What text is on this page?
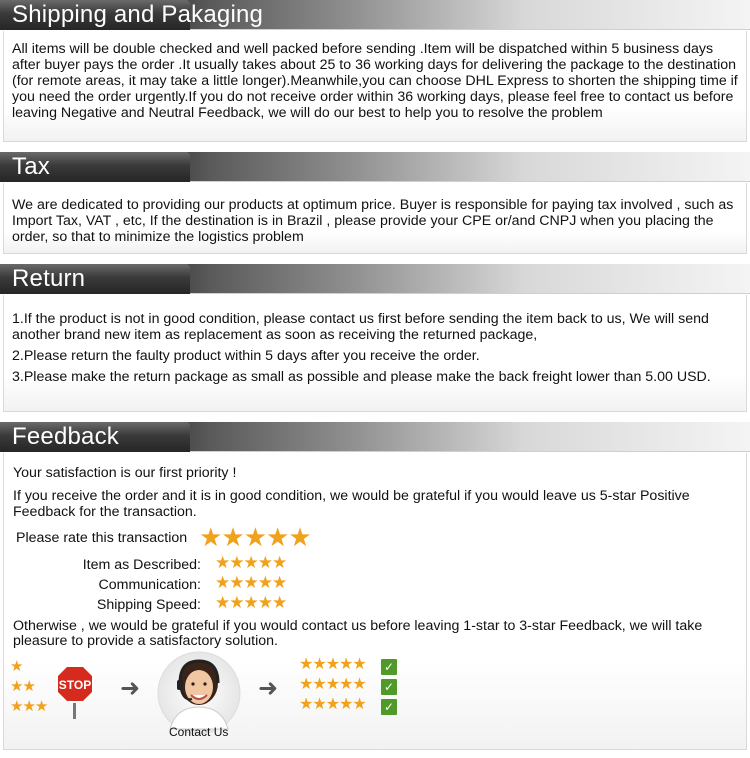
Shipping and Pakaging

All items will be double checked and well packed before sending .Item will be dispatched within 5 business days after buyer pays the order .It usually takes about 25 to 36 working days for delivering the package to the destination (for remote areas, it may take a little longer).Meanwhile,you can choose DHL Express to shorten the shipping time if you need the order urgently.If you do not receive order within 36 working days, please feel free to contact us before leaving Negative and Neutral Feedback, we will do our best to help you to resolve the problem

Tax

We are dedicated to providing our products at optimum price. Buyer is responsible for paying tax involved , such as Import Tax, VAT , etc, If the destination is in Brazil , please provide your CPE or/and CNPJ when you placing the order, so that to minimize the logistics problem

Return

1.If the product is not in good condition, please contact us first before sending the item back to us, We will send another brand new item as replacement as soon as receiving the returned package,

2.Please return the faulty product within 5 days after you receive the order.

3.Please make the return package as small as possible and please make the back freight lower than 5.00 USD.

Feedback

Your satisfaction is our first priority !

If you receive the order and it is in good condition, we would be grateful if you would leave us 5-star Positive Feedback for the transaction.

Please rate this transaction ★★★★★
Item as Described: ★★★★★
Communication: ★★★★★
Shipping Speed: ★★★★★

Otherwise , we would be grateful if you would contact us before leaving 1-star to 3-star Feedback, we will take pleasure to provide a satisfactory solution.

★
★★
★★★
STOP ➜
Contact Us
➜
★★★★★ ✓
★★★★★ ✓
★★★★★ ✓
